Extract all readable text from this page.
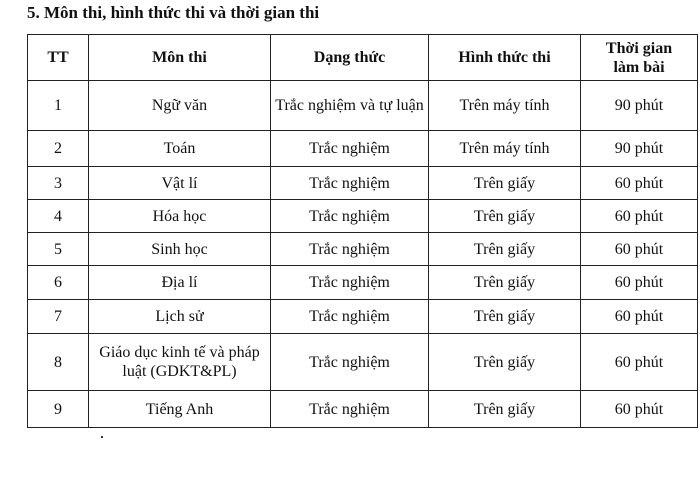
5. Môn thi, hình thức thi và thời gian thi
TT	Môn thi	Dạng thức	Hình thức thi	Thời gian làm bài
1	Ngữ văn	Trắc nghiệm và tự luận	Trên máy tính	90 phút
2	Toán	Trắc nghiệm	Trên máy tính	90 phút
3	Vật lí	Trắc nghiệm	Trên giấy	60 phút
4	Hóa học	Trắc nghiệm	Trên giấy	60 phút
5	Sinh học	Trắc nghiệm	Trên giấy	60 phút
6	Địa lí	Trắc nghiệm	Trên giấy	60 phút
7	Lịch sử	Trắc nghiệm	Trên giấy	60 phút
8	Giáo dục kinh tế và pháp luật (GDKT&PL)	Trắc nghiệm	Trên giấy	60 phút
9	Tiếng Anh	Trắc nghiệm	Trên giấy	60 phút
